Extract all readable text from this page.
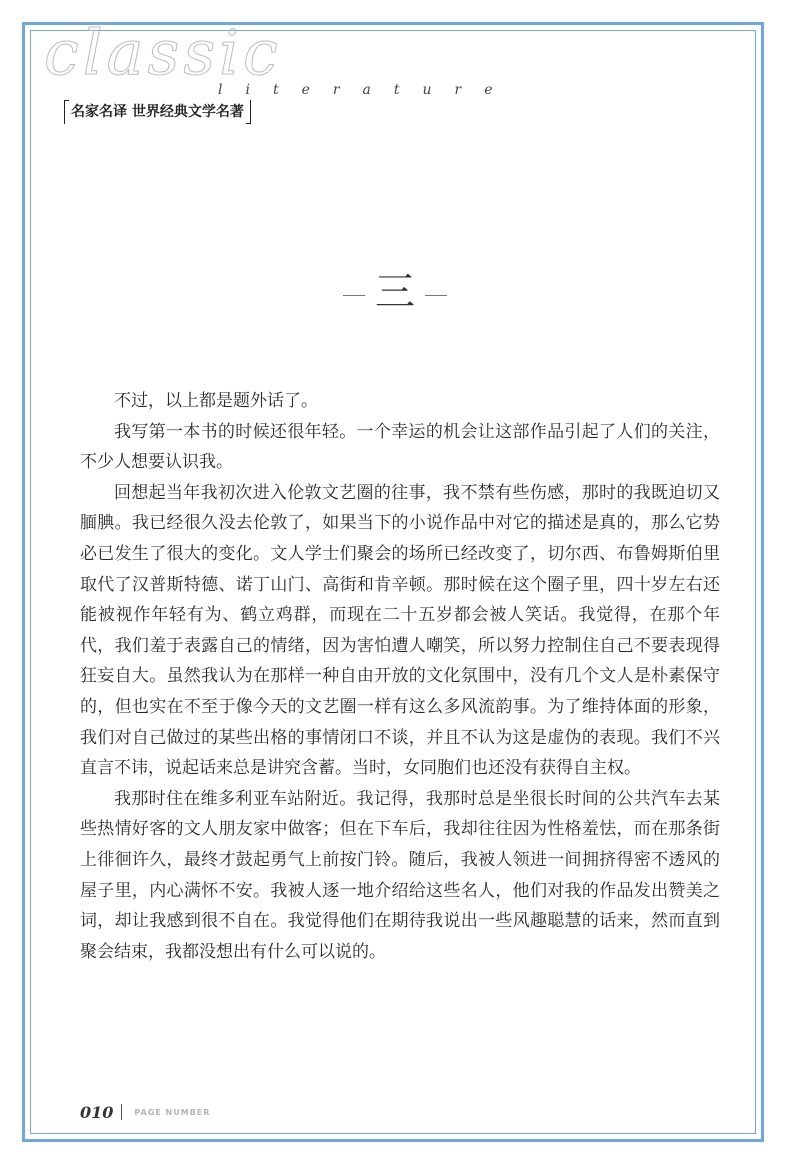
classic
literature
名家名译 世界经典文学名著
三

不过，以上都是题外话了。

我写第一本书的时候还很年轻。一个幸运的机会让这部作品引起了人们的关注，不少人想要认识我。

回想起当年我初次进入伦敦文艺圈的往事，我不禁有些伤感，那时的我既迫切又腼腆。我已经很久没去伦敦了，如果当下的小说作品中对它的描述是真的，那么它势必已发生了很大的变化。文人学士们聚会的场所已经改变了，切尔西、布鲁姆斯伯里取代了汉普斯特德、诺丁山门、高街和肯辛顿。那时候在这个圈子里，四十岁左右还能被视作年轻有为、鹤立鸡群，而现在二十五岁都会被人笑话。我觉得，在那个年代，我们羞于表露自己的情绪，因为害怕遭人嘲笑，所以努力控制住自己不要表现得狂妄自大。虽然我认为在那样一种自由开放的文化氛围中，没有几个文人是朴素保守的，但也实在不至于像今天的文艺圈一样有这么多风流韵事。为了维持体面的形象，我们对自己做过的某些出格的事情闭口不谈，并且不认为这是虚伪的表现。我们不兴直言不讳，说起话来总是讲究含蓄。当时，女同胞们也还没有获得自主权。

我那时住在维多利亚车站附近。我记得，我那时总是坐很长时间的公共汽车去某些热情好客的文人朋友家中做客；但在下车后，我却往往因为性格羞怯，而在那条街上徘徊许久，最终才鼓起勇气上前按门铃。随后，我被人领进一间拥挤得密不透风的屋子里，内心满怀不安。我被人逐一地介绍给这些名人，他们对我的作品发出赞美之词，却让我感到很不自在。我觉得他们在期待我说出一些风趣聪慧的话来，然而直到聚会结束，我都没想出有什么可以说的。

010	PAGE NUMBER
